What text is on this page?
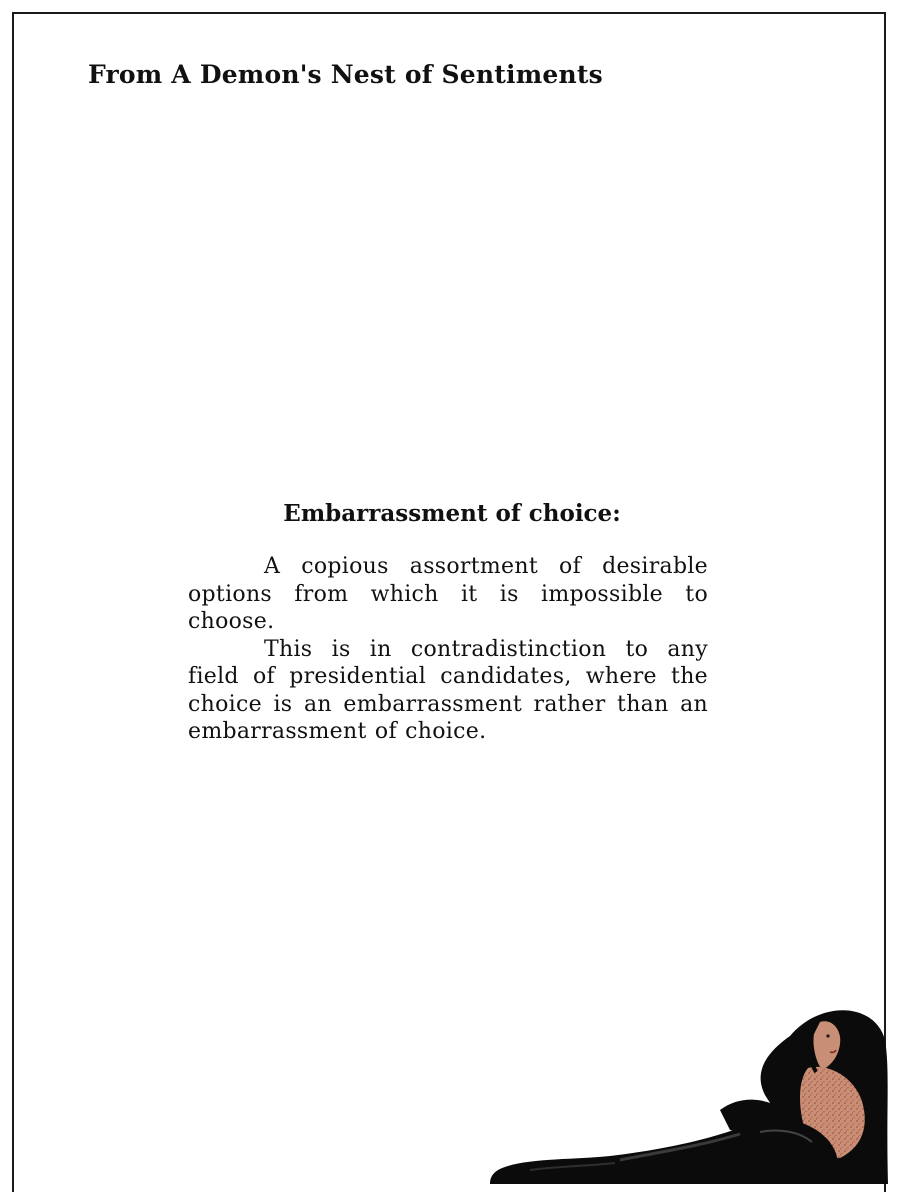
From A Demon's Nest of Sentiments
Embarrassment of choice:

A copious assortment of desirable options from which it is impossible to choose.

This is in contradistinction to any field of presidential candidates, where the choice is an embarrassment rather than an embarrassment of choice.
